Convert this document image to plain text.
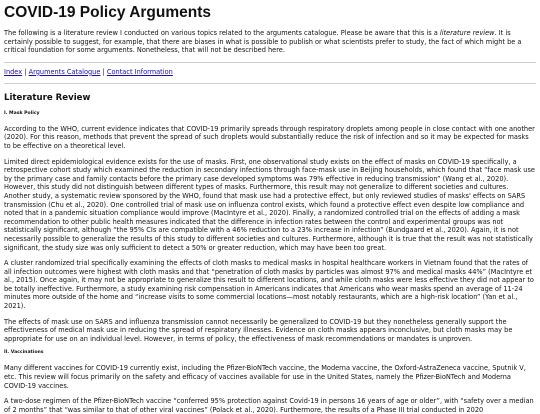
COVID-19 Policy Arguments

The following is a literature review I conducted on various topics related to the arguments catalogue. Please be aware that this is a literature review. It is certainly possible to suggest, for example, that there are biases in what is possible to publish or what scientists prefer to study, the fact of which might be a critical foundation for some arguments. Nonetheless, that will not be described here.

Index | Arguments Catalogue | Contact Information
Literature Review
I. Mask Policy

According to the WHO, current evidence indicates that COVID-19 primarily spreads through respiratory droplets among people in close contact with one another (2020). For this reason, methods that prevent the spread of such droplets would substantially reduce the risk of infection and so it may be expected for masks to be effective on a theoretical level.

Limited direct epidemiological evidence exists for the use of masks. First, one observational study exists on the effect of masks on COVID-19 specifically, a retrospective cohort study which examined the reduction in secondary infections through face-mask use in Beijing households, which found that “face mask use by the primary case and family contacts before the primary case developed symptoms was 79% effective in reducing transmission” (Wang et al., 2020). However, this study did not distinguish between different types of masks. Furthermore, this result may not generalize to different societies and cultures. Another study, a systematic review sponsored by the WHO, found that mask use had a protective effect, but only reviewed studies of masks' effects on SARS transmission (Chu et al., 2020). One controlled trial of mask use on influenza control exists, which found a protective effect even despite low compliance and noted that in a pandemic situation compliance would improve (MacIntyre et al., 2020). Finally, a randomized controlled trial on the effects of adding a mask recommendation to other public health measures indicated that the difference in infection rates between the control and experimental groups was not statistically significant, although “the 95% CIs are compatible with a 46% reduction to a 23% increase in infection” (Bundgaard et al., 2020). Again, it is not necessarily possible to generalize the results of this study to different societies and cultures. Furthermore, although it is true that the result was not statistically significant, the study size was only sufficient to detect a 50% or greater reduction, which may have been too great.

A cluster randomized trial specifically examining the effects of cloth masks to medical masks in hospital healthcare workers in Vietnam found that the rates of all infection outcomes were highest with cloth masks and that “penetration of cloth masks by particles was almost 97% and medical masks 44%” (MacIntyre et al., 2015). Once again, it may not be appropriate to generalize this result to different locations, and while cloth masks were less effective they did not appear to be totally ineffective. Furthermore, a study examining risk compensation in Americans indicates that Americans who wear masks spend an average of 11-24 minutes more outside of the home and “increase visits to some commercial locations—most notably restaurants, which are a high-risk location” (Yan et al., 2021).

The effects of mask use on SARS and influenza transmission cannot necessarily be generalized to COVID-19 but they nonetheless generally support the effectiveness of medical mask use in reducing the spread of respiratory illnesses. Evidence on cloth masks appears inconclusive, but cloth masks may be appropriate for use on an individual level. However, in terms of policy, the effectiveness of mask recommendations or mandates is unproven.

II. Vaccinations

Many different vaccines for COVID-19 currently exist, including the Pfizer-BioNTech vaccine, the Moderna vaccine, the Oxford-AstraZeneca vaccine, Sputnik V, etc. This review will focus primarily on the safety and efficacy of vaccines available for use in the United States, namely the Pfizer-BioNTech and Moderna COVID-19 vaccines.

A two-dose regimen of the Pfizer-BioNTech vaccine “conferred 95% protection against Covid-19 in persons 16 years of age or older”, with “safety over a median of 2 months” that “was similar to that of other viral vaccines” (Polack et al., 2020). Furthermore, the results of a Phase III trial conducted in 2020
